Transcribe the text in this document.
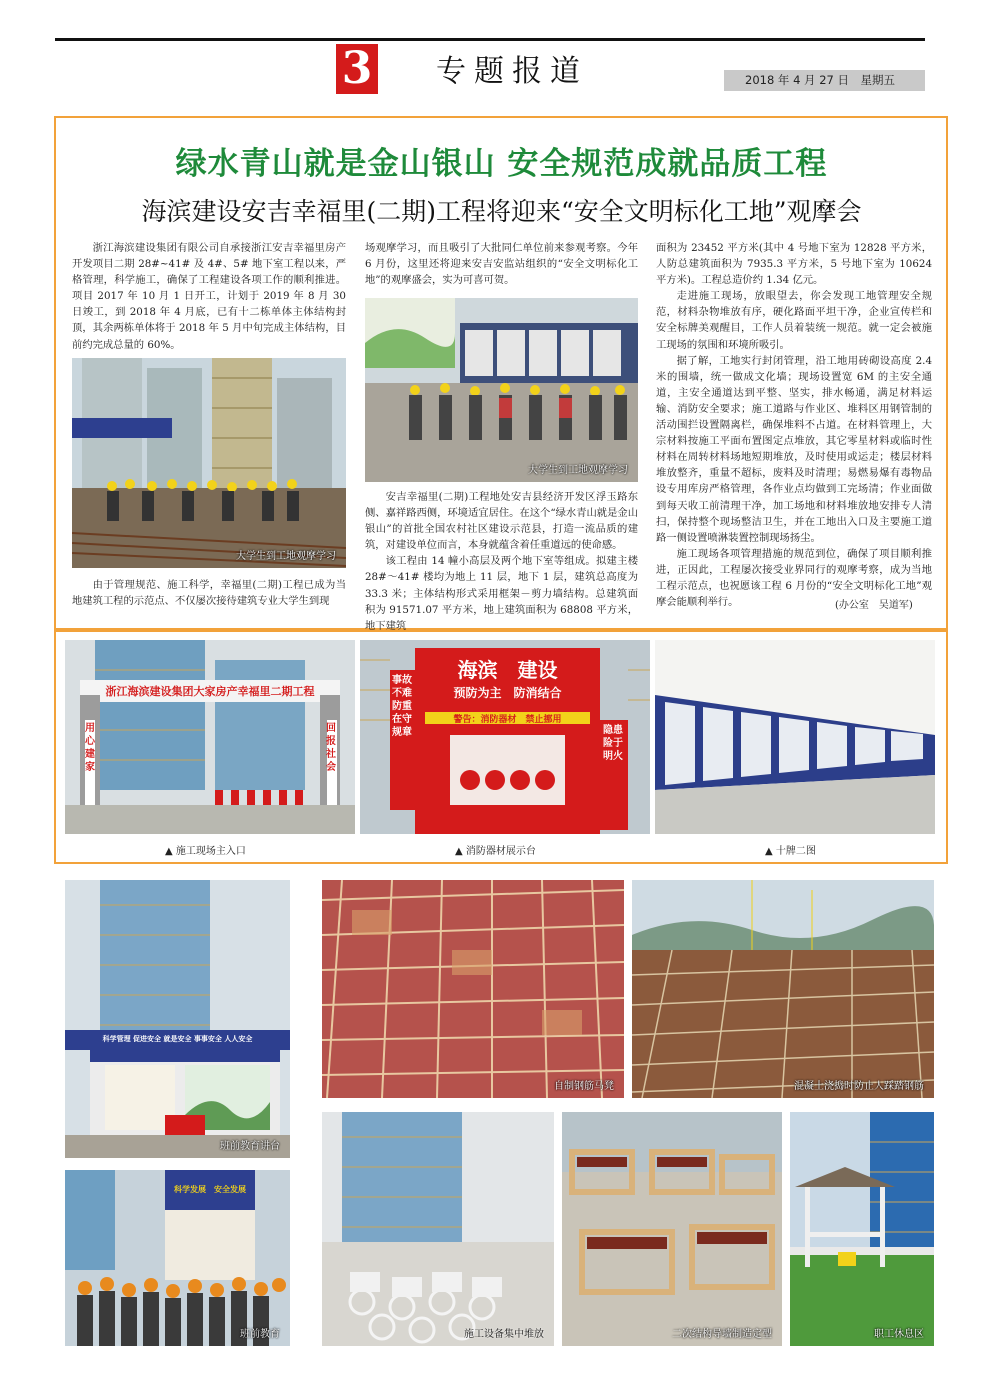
3 专题报道	2018 年 4 月 27 日　星期五
绿水青山就是金山银山 安全规范成就品质工程
海滨建设安吉幸福里(二期)工程将迎来“安全文明标化工地”观摩会

浙江海滨建设集团有限公司自承接浙江安吉幸福里房产开发项目二期 28#~41# 及 4#、5# 地下室工程以来，严格管理，科学施工，确保了工程建设各项工作的顺利推进。项目 2017 年 10 月 1 日开工，计划于 2019 年 8 月 30 日竣工，到 2018 年 4 月底，已有十二栋单体主体结构封顶，其余两栋单体将于 2018 年 5 月中旬完成主体结构，目前约完成总量的 60%。

大学生到工地观摩学习

由于管理规范、施工科学，幸福里(二期)工程已成为当地建筑工程的示范点、不仅屡次接待建筑专业大学生到现

场观摩学习，而且吸引了大批同仁单位前来参观考察。今年 6 月份，这里还将迎来安吉安监站组织的“安全文明标化工地”的观摩盛会，实为可喜可贺。

大学生到工地观摩学习

安吉幸福里(二期)工程地处安吉县经济开发区浮玉路东侧、嘉祥路西侧，环境适宜居住。在这个“绿水青山就是金山银山”的首批全国农村社区建设示范县，打造一流品质的建筑，对建设单位而言，本身就蕴含着任重道远的使命感。

该工程由 14 幢小高层及两个地下室等组成。拟建主楼 28#～41# 楼均为地上 11 层，地下 1 层，建筑总高度为 33.3 米；主体结构形式采用框架－剪力墙结构。总建筑面积为 91571.07 平方米，地上建筑面积为 68808 平方米，地下建筑

面积为 23452 平方米(其中 4 号地下室为 12828 平方米，人防总建筑面积为 7935.3 平方米，5 号地下室为 10624 平方米)。工程总造价约 1.34 亿元。

走进施工现场，放眼望去，你会发现工地管理安全规范，材料杂物堆放有序，硬化路面平坦干净，企业宣传栏和安全标牌美观醒目，工作人员着装统一规范。就一定会被施工现场的氛围和环境所吸引。

据了解，工地实行封闭管理，沿工地用砖砌设高度 2.4 米的围墙，统一做成文化墙；现场设置宽 6M 的主安全通道，主安全通道达到平整、坚实，排水畅通，满足材料运输、消防安全要求；施工道路与作业区、堆料区用钢管制的活动围拦设置隔离栏，确保堆料不占道。在材料管理上，大宗材料按施工平面布置图定点堆放，其它零星材料或临时性材料在周转材料场地短期堆放，及时使用或运走；楼层材料堆放整齐，重量不超标，废料及时清理；易燃易爆有毒物品设专用库房严格管理，各作业点均做到工完场清；作业面做到每天收工前清理干净，加工场地和材料堆放地安排专人清扫，保持整个现场整洁卫生，并在工地出入口及主要施工道路一侧设置喷淋装置控制现场扬尘。

施工现场各项管理措施的规范到位，确保了项目顺利推进，正因此，工程屡次接受业界同行的观摩考察，成为当地工程示范点，也祝愿该工程 6 月份的“安全文明标化工地”观摩会能顺利举行。	(办公室　吴道军)
浙江海滨建设集团大家房产幸福里二期工程
用心建家
回报社会
海滨　建设
预防为主　防消结合
警告：消防器材　禁止挪用
事故不难防重在守规章	隐患险于明火
▲ 施工现场主入口	▲ 消防器材展示台	▲ 十牌二图
科学管理 促进安全 就是安全 事事安全 人人安全
班前教育讲台
科学发展　安全发展
班前教育
自制钢筋马凳	混凝土浇捣时防止人踩踏钢筋
施工设备集中堆放	二次结构导墙制造定型	职工休息区
